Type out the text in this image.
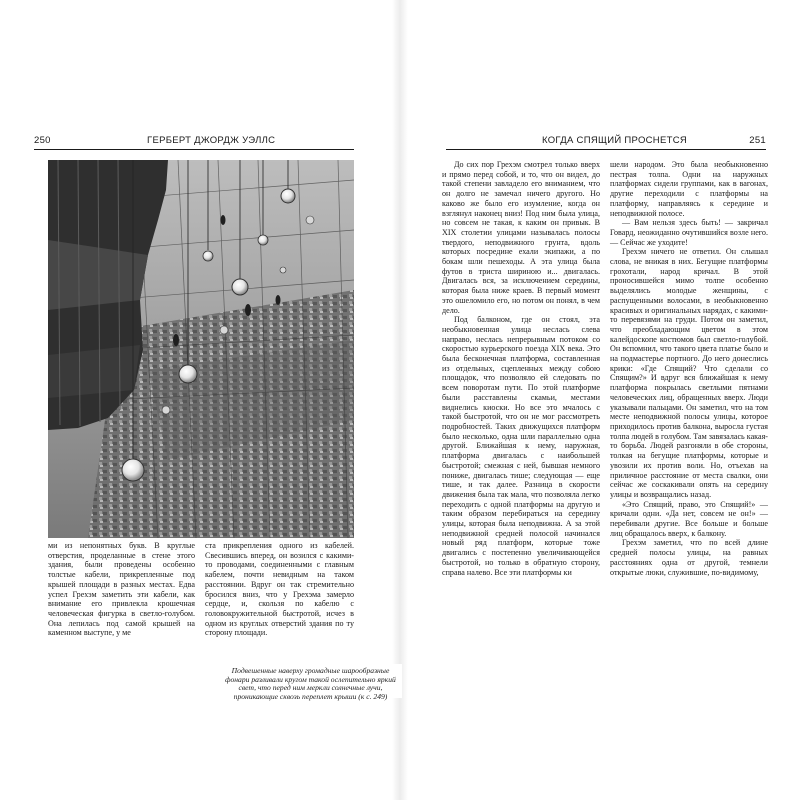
250	ГЕРБЕРТ ДЖОРДЖ УЭЛЛС
Подвешенные наверху громадные шарообразные фонари разливали кругом такой ослепительно яркий свет, что перед ним меркли солнечные лучи, проникающие сквозь переплет крыши (к с. 249)

ми из непонятных букв. В круглые отверстия, проделанные в стене этого здания, были проведены особенно толстые кабели, прикрепленные под крышей площади в разных местах. Едва успел Грехэм заметить эти кабели, как внимание его привлекла крошечная человеческая фигурка в светло-голубом. Она лепилась под самой крышей на каменном выступе, у ме

ста прикрепления одного из кабелей. Свесившись вперед, он возился с какими-то проводами, соединенными с главным кабелем, почти невидным на таком расстоянии. Вдруг он так стремительно бросился вниз, что у Грехэма замерло сердце, и, скользя по кабелю с головокружительной быстротой, исчез в одном из круглых отверстий здания по ту сторону площади.

КОГДА СПЯЩИЙ ПРОСНЕТСЯ	251

До сих пор Грехэм смотрел только вверх и прямо перед собой, и то, что он видел, до такой степени завладело его вниманием, что он долго не замечал ничего другого. Но каково же было его изумление, когда он взглянул наконец вниз! Под ним была улица, но совсем не такая, к каким он привык. В XIX столетии улицами называлась полосы твердого, неподвижного грунта, вдоль которых посредине ехали экипажи, а по бокам шли пешеходы. А эта улица была футов в триста шириною и... двигалась. Двигалась вся, за исключением середины, которая была ниже краев. В первый момент это ошеломило его, но потом он понял, в чем дело.

Под балконом, где он стоял, эта необыкновенная улица неслась слева направо, неслась непрерывным потоком со скоростью курьерского поезда XIX века. Это была бесконечная платформа, составленная из отдельных, сцепленных между собою площадок, что позволяло ей следовать по всем поворотам пути. По этой платформе были расставлены скамьи, местами виднелись киоски. Но все это мчалось с такой быстротой, что он не мог рассмотреть подробностей. Таких движущихся платформ было несколько, одна шли параллельно одна другой. Ближайшая к нему, наружная, платформа двигалась с наибольшей быстротой; смежная с ней, бывшая немного пониже, двигалась тише; следующая — еще тише, и так далее. Разница в скорости движения была так мала, что позволяла легко переходить с одной платформы на другую и таким образом перебираться на середину улицы, которая была неподвижна. А за этой неподвижной средней полосой начинался новый ряд платформ, которые тоже двигались с постепенно увеличивающейся быстротой, но только в обратную сторону, справа налево. Все эти платформы ки

шели народом. Это была необыкновенно пестрая толпа. Одни на наружных платформах сидели группами, как в вагонах, другие переходили с платформы на платформу, направляясь к середине и неподвижной полосе.

— Вам нельзя здесь быть! — закричал Говард, неожиданно очутившийся возле него. — Сейчас же уходите!

Грехэм ничего не ответил. Он слышал слова, не вникая в них. Бегущие платформы грохотали, народ кричал. В этой проносившейся мимо толпе особенно выделялись молодые женщины, с распущенными волосами, в необыкновенно красивых и оригинальных нарядах, с какими-то перевязями на груди. Потом он заметил, что преобладающим цветом в этом калейдоскопе костюмов был светло-голубой. Он вспомнил, что такого цвета платье было и на подмастерье портного. До него донеслись крики: «Где Спящий? Что сделали со Спящим?» И вдруг вся ближайшая к нему платформа покрылась светлыми пятнами человеческих лиц, обращенных вверх. Люди указывали пальцами. Он заметил, что на том месте неподвижной полосы улицы, которое приходилось против балкона, выросла густая толпа людей в голубом. Там завязалась какая-то борьба. Людей разгоняли в обе стороны, толкая на бегущие платформы, которые и увозили их против воли. Но, отъехав на приличное расстояние от места свалки, они сейчас же соскакивали опять на середину улицы и возвращались назад.

«Это Спящий, право, это Спящий!» — кричали одни. «Да нет, совсем не он!» — перебивали другие. Все больше и больше лиц обращалось вверх, к балкону.

Грехэм заметил, что по всей длине средней полосы улицы, на равных расстояниях одна от другой, темнели открытые люки, служившие, по-видимому,
